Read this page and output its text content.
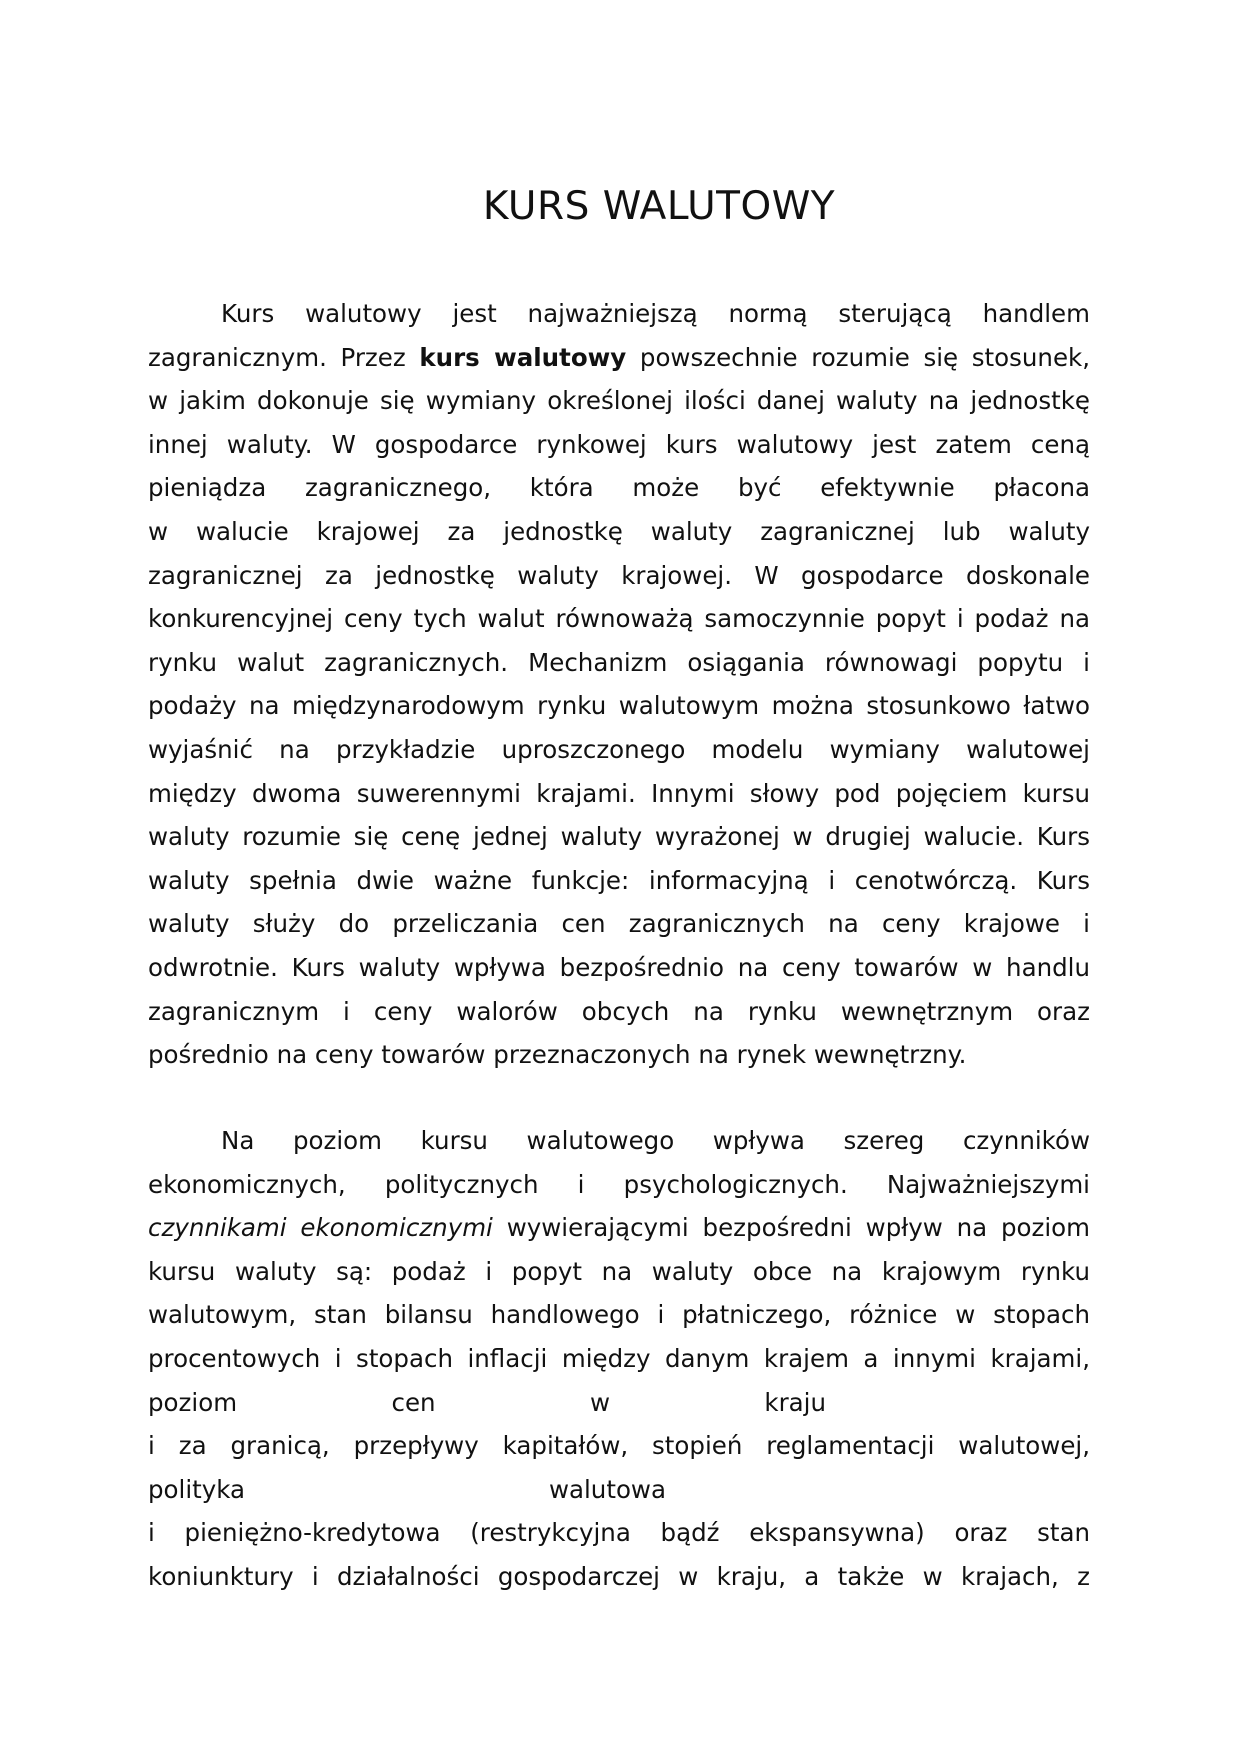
KURS WALUTOWY
Kurs walutowy jest najważniejszą normą sterującą handlem
zagranicznym. Przez kurs walutowy powszechnie rozumie się stosunek,
w jakim dokonuje się wymiany określonej ilości danej waluty na jednostkę
innej waluty. W gospodarce rynkowej kurs walutowy jest zatem ceną
pieniądza zagranicznego, która może być efektywnie płacona
w walucie krajowej za jednostkę waluty zagranicznej lub waluty
zagranicznej za jednostkę waluty krajowej. W gospodarce doskonale
konkurencyjnej ceny tych walut równoważą samoczynnie popyt i podaż na
rynku walut zagranicznych. Mechanizm osiągania równowagi popytu i
podaży na międzynarodowym rynku walutowym można stosunkowo łatwo
wyjaśnić na przykładzie uproszczonego modelu wymiany walutowej
między dwoma suwerennymi krajami. Innymi słowy pod pojęciem kursu
waluty rozumie się cenę jednej waluty wyrażonej w drugiej walucie. Kurs
waluty spełnia dwie ważne funkcje: informacyjną i cenotwórczą. Kurs
waluty służy do przeliczania cen zagranicznych na ceny krajowe i
odwrotnie. Kurs waluty wpływa bezpośrednio na ceny towarów w handlu
zagranicznym i ceny walorów obcych na rynku wewnętrznym oraz
pośrednio na ceny towarów przeznaczonych na rynek wewnętrzny.
Na poziom kursu walutowego wpływa szereg czynników
ekonomicznych, politycznych i psychologicznych. Najważniejszymi
czynnikami ekonomicznymi wywierającymi bezpośredni wpływ na poziom
kursu waluty są: podaż i popyt na waluty obce na krajowym rynku
walutowym, stan bilansu handlowego i płatniczego, różnice w stopach
procentowych i stopach inflacji między danym krajem a innymi krajami,
poziom	cen	w	kraju
i za granicą, przepływy kapitałów, stopień reglamentacji walutowej,
polityka	walutowa
i pieniężno-kredytowa (restrykcyjna bądź ekspansywna) oraz stan
koniunktury i działalności gospodarczej w kraju, a także w krajach, z
